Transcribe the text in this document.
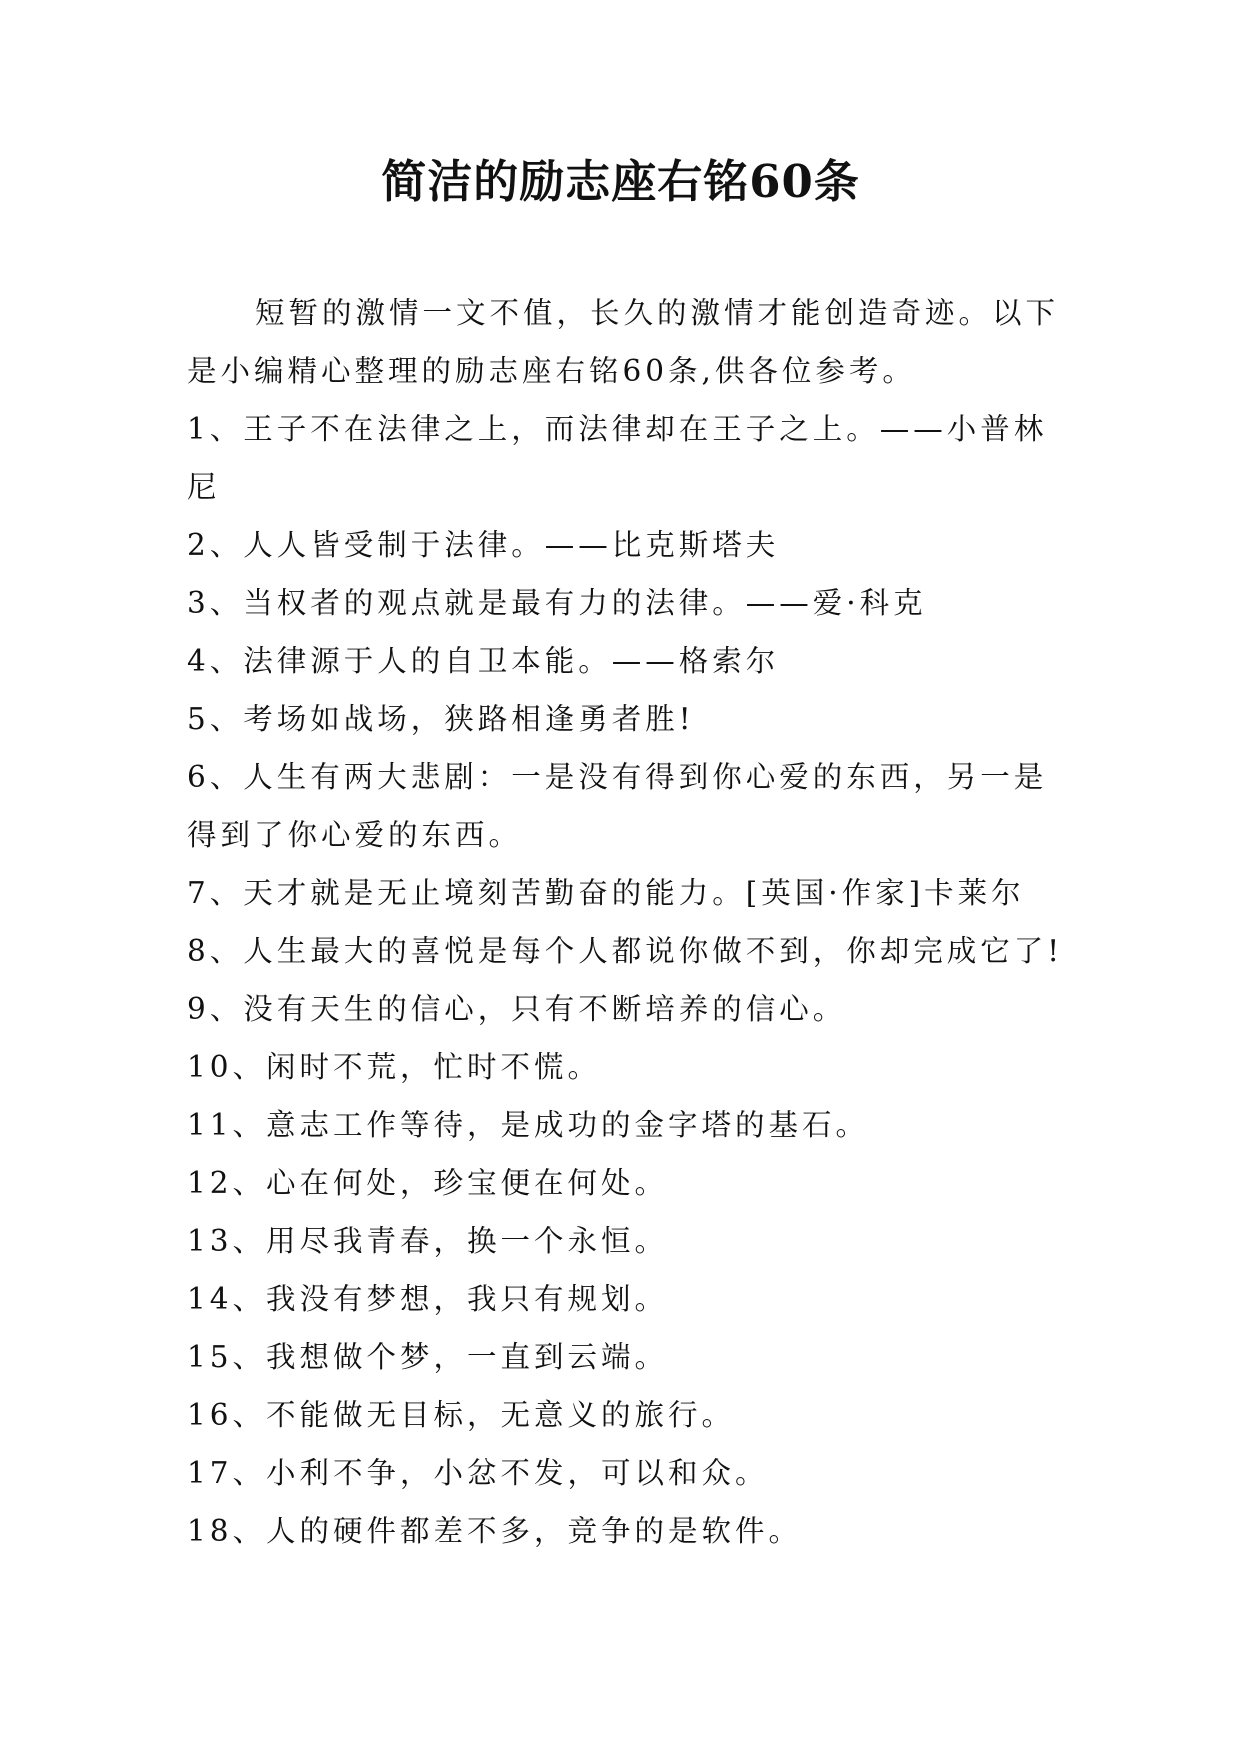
简洁的励志座右铭60条

短暂的激情一文不值，长久的激情才能创造奇迹。以下

是小编精心整理的励志座右铭60条,供各位参考。

1、王子不在法律之上，而法律却在王子之上。——小普林

尼

2、人人皆受制于法律。——比克斯塔夫

3、当权者的观点就是最有力的法律。——爱·科克

4、法律源于人的自卫本能。——格索尔

5、考场如战场，狭路相逢勇者胜!

6、人生有两大悲剧：一是没有得到你心爱的东西，另一是

得到了你心爱的东西。

7、天才就是无止境刻苦勤奋的能力。[英国·作家]卡莱尔

8、人生最大的喜悦是每个人都说你做不到，你却完成它了!

9、没有天生的信心，只有不断培养的信心。

10、闲时不荒，忙时不慌。

11、意志工作等待，是成功的金字塔的基石。

12、心在何处，珍宝便在何处。

13、用尽我青春，换一个永恒。

14、我没有梦想，我只有规划。

15、我想做个梦，一直到云端。

16、不能做无目标，无意义的旅行。

17、小利不争，小忿不发，可以和众。

18、人的硬件都差不多，竞争的是软件。
